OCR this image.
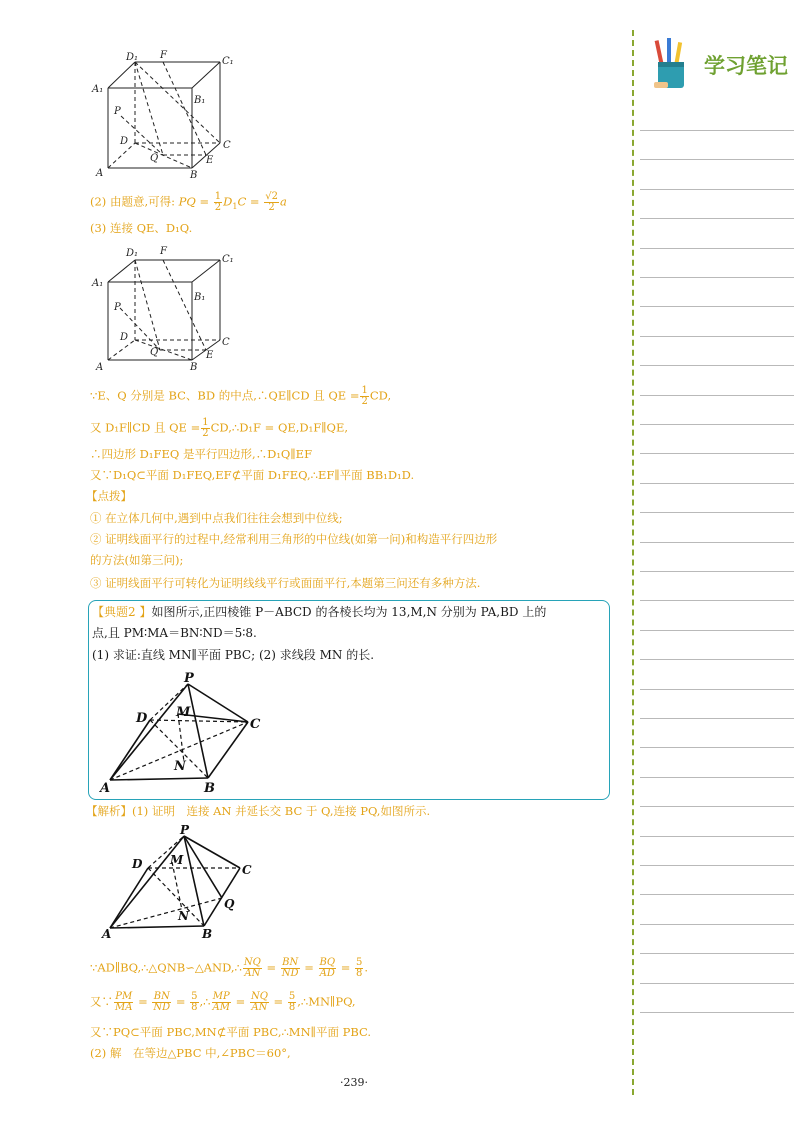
学习笔记
D₁ F
C₁
A₁
B₁
P
D
Q
C
E
A	B
(2) 由题意,可得: PQ = $\frac{1}{2} D_1C = \frac{√2}{2}$ a
(3) 连接 QE、D₁Q.
D₁ F
C₁
A₁
B₁
P
D
Q
C
E
A	B
∵E、Q 分别是 BC、BD 的中点,∴QE∥CD 且 QE = $\frac{1}{2}$ CD,
又 D₁F∥CD 且 QE = $\frac{1}{2}$ CD,∴D₁F = QE,D₁F∥QE,
∴四边形 D₁FEQ 是平行四边形,∴D₁Q∥EF
又∵D₁Q⊂平面 D₁FEQ,EF⊄平面 D₁FEQ,∴EF∥平面 BB₁D₁D.
【点拨】
① 在立体几何中,遇到中点我们往往会想到中位线;
② 证明线面平行的过程中,经常利用三角形的中位线(如第一问)和构造平行四边形
的方法(如第三问);
③ 证明线面平行可转化为证明线线平行或面面平行,本题第三问还有多种方法.
【典题2 】如图所示,正四棱锥 P－ABCD 的各棱长均为 13,M,N 分别为 PA,BD 上的
点,且 PM∶MA＝BN∶ND＝5∶8.
(1) 求证:直线 MN∥平面 PBC; (2) 求线段 MN 的长.
P
D M
C
N
A	B
【解析】(1) 证明　连接 AN 并延长交 BC 于 Q,连接 PQ,如图所示.
P
D M
C
Q
N
A	B
∵AD∥BQ,∴△QNB∽△AND,∴ $\frac{NQ}{AN} = \frac{BN}{ND} = \frac{BQ}{AD} = \frac{5}{8}$ .
又∵ $\frac{PM}{MA} = \frac{BN}{ND} = \frac{5}{8}$ ,∴ $\frac{MP}{AM} = \frac{NQ}{AN} = \frac{5}{8}$ ,∴MN∥PQ,
又∵PQ⊂平面 PBC,MN⊄平面 PBC,∴MN∥平面 PBC.
(2) 解　在等边△PBC 中,∠PBC＝60°,
·239·
